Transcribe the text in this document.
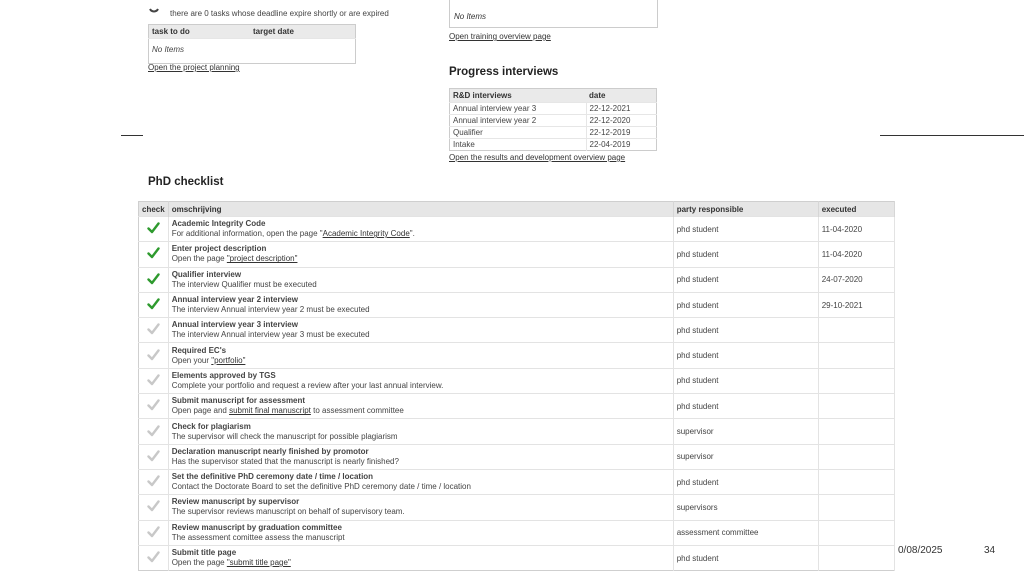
there are 0 tasks whose deadline expire shortly or are expired
task to do	target date
No Items
Open the project planning
No Items
Open training overview page
Progress interviews
R&D interviews	date
Annual interview year 3	22-12-2021
Annual interview year 2	22-12-2020
Qualifier	22-12-2019
Intake	22-04-2019
Open the results and development overview page
PhD checklist
check	omschrijving	party responsible	executed

Academic Integrity Code
For additional information, open the page "Academic Integrity Code".	phd student	11-04-2020

Enter project description
Open the page "project description"	phd student	11-04-2020

Qualifier interview
The interview Qualifier must be executed	phd student	24-07-2020

Annual interview year 2 interview
The interview Annual interview year 2 must be executed	phd student	29-10-2021

Annual interview year 3 interview
The interview Annual interview year 3 must be executed	phd student	

Required EC's
Open your "portfolio"	phd student	

Elements approved by TGS
Complete your portfolio and request a review after your last annual interview.	phd student	

Submit manuscript for assessment
Open page and submit final manuscript to assessment committee	phd student	

Check for plagiarism
The supervisor will check the manuscript for possible plagiarism	supervisor	

Declaration manuscript nearly finished by promotor
Has the supervisor stated that the manuscript is nearly finished?	supervisor	

Set the definitive PhD ceremony date / time / location
Contact the Doctorate Board to set the definitive PhD ceremony date / time / location	phd student	

Review manuscript by supervisor
The supervisor reviews manuscript on behalf of supervisory team.	supervisors	

Review manuscript by graduation committee
The assessment comittee assess the manuscript	assessment committee	

Submit title page
Open the page "submit title page"	phd student	
0/08/2025	34
